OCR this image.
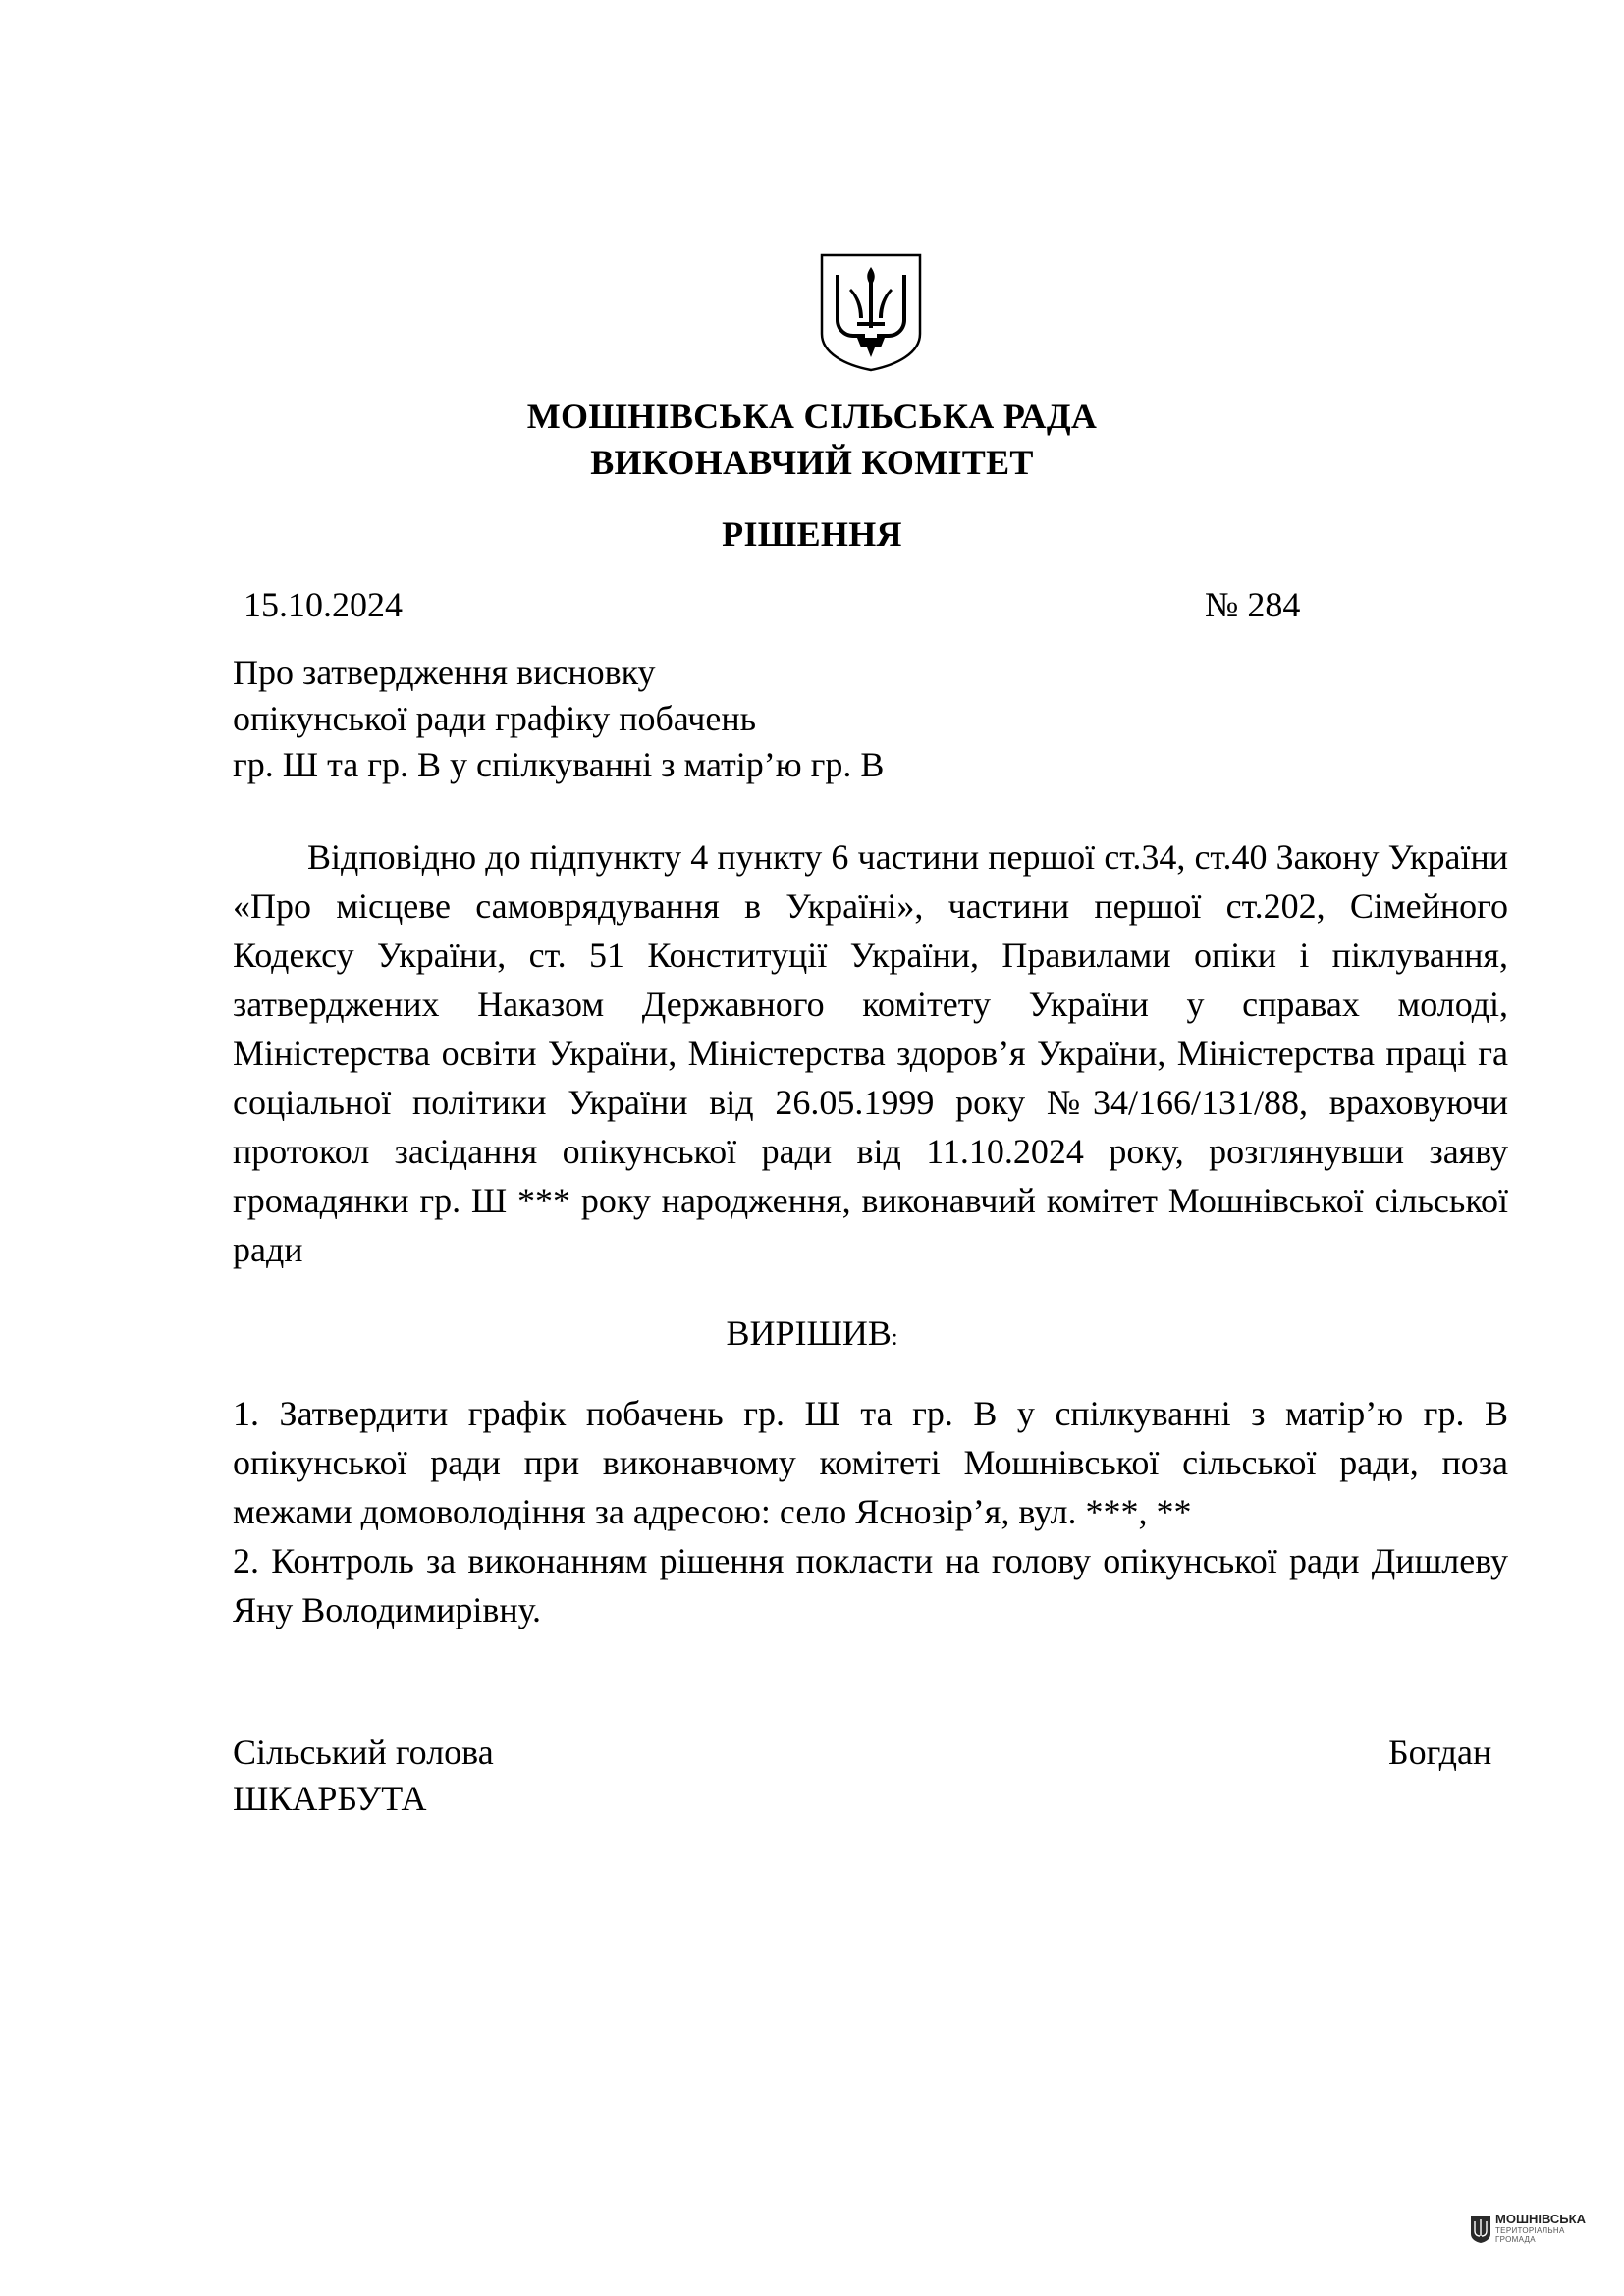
МОШНІВСЬКА СІЛЬСЬКА РАДА
ВИКОНАВЧИЙ КОМІТЕТ
РІШЕННЯ
15.10.2024	№ 284
Про затвердження висновку
опікунської ради графіку побачень
гр. Ш та гр. В у спілкуванні з матір’ю гр. В
Відповідно до підпункту 4 пункту 6 частини першої ст.34, ст.40 Закону України «Про місцеве самоврядування в Україні», частини першої ст.202, Сімейного Кодексу України, ст. 51 Конституції України, Правилами опіки і піклування, затверджених Наказом Державного комітету України у справах молоді, Міністерства освіти України, Міністерства здоров’я України, Міністерства праці га соціальної політики України від 26.05.1999 року №34/166/131/88, враховуючи протокол засідання опікунської ради від 11.10.2024 року, розглянувши заяву громадянки гр. Ш *** року народження, виконавчий комітет Мошнівської сільської ради
ВИРІШИВ:

1. Затвердити графік побачень гр. Ш та гр. В у спілкуванні з матір’ю гр. В опікунської ради при виконавчому комітеті Мошнівської сільської ради, поза межами домоволодіння за адресою: село Яснозір’я, вул. ***, **

2. Контроль за виконанням рішення покласти на голову опікунської ради Дишлеву Яну Володимирівну.

Сільський голова	Богдан
ШКАРБУТА
МОШНІВСЬКА
ТЕРИТОРІАЛЬНА
ГРОМАДА
